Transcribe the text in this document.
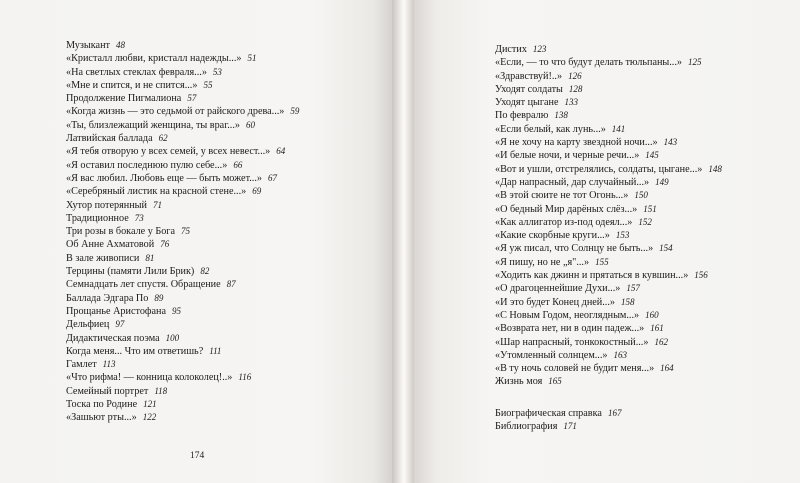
Музыкант 48
«Кристалл любви, кристалл надежды...» 51
«На светлых стеклах февраля...» 53
«Мне и спится, и не спится...» 55
Продолжение Пигмалиона 57
«Когда жизнь — это седьмой от райского древа...» 59
«Ты, близлежащий женщина, ты враг...» 60
Латвийская баллада 62
«Я тебя отворую у всех семей, у всех невест...» 64
«Я оставил последнюю пулю себе...» 66
«Я вас любил. Любовь еще — быть может...» 67
«Серебряный листик на красной стене...» 69
Хутор потерянный 71
Традиционное 73
Три розы в бокале у Бога 75
Об Анне Ахматовой 76
В зале живописи 81
Терцины (памяти Лили Брик) 82
Семнадцать лет спустя. Обращение 87
Баллада Эдгара По 89
Прощанье Аристофана 95
Дельфиец 97
Дидактическая поэма 100
Когда меня... Что им ответишь? 111
Гамлет 113
«Что рифма! — конница колоколец!..» 116
Семейный портрет 118
Тоска по Родине 121
«Зашьют рты...» 122
174
Дистих 123
«Если, — то что будут делать тюльпаны...» 125
«Здравствуй!..» 126
Уходят солдаты 128
Уходят цыгане 133
По февралю 138
«Если белый, как лунь...» 141
«Я не хочу на карту звездной ночи...» 143
«И белые ночи, и черные речи...» 145
«Вот и ушли, отстрелялись, солдаты, цыгане...» 148
«Дар напрасный, дар случайный...» 149
«В этой сюите не тот Огонь...» 150
«О бедный Мир дарёных слёз...» 151
«Как аллигатор из-под одеял...» 152
«Какие скорбные круги...» 153
«Я уж писал, что Солнцу не быть...» 154
«Я пишу, но не „я"...» 155
«Ходить как джинн и прятаться в кувшин...» 156
«О драгоценнейшие Духи...» 157
«И это будет Конец дней...» 158
«С Новым Годом, неоглядным...» 160
«Возврата нет, ни в один падеж...» 161
«Шар напрасный, тонкокостный...» 162
«Утомленный солнцем...» 163
«В ту ночь соловей не будит меня...» 164
Жизнь моя 165
Биографическая справка 167
Библиография 171
